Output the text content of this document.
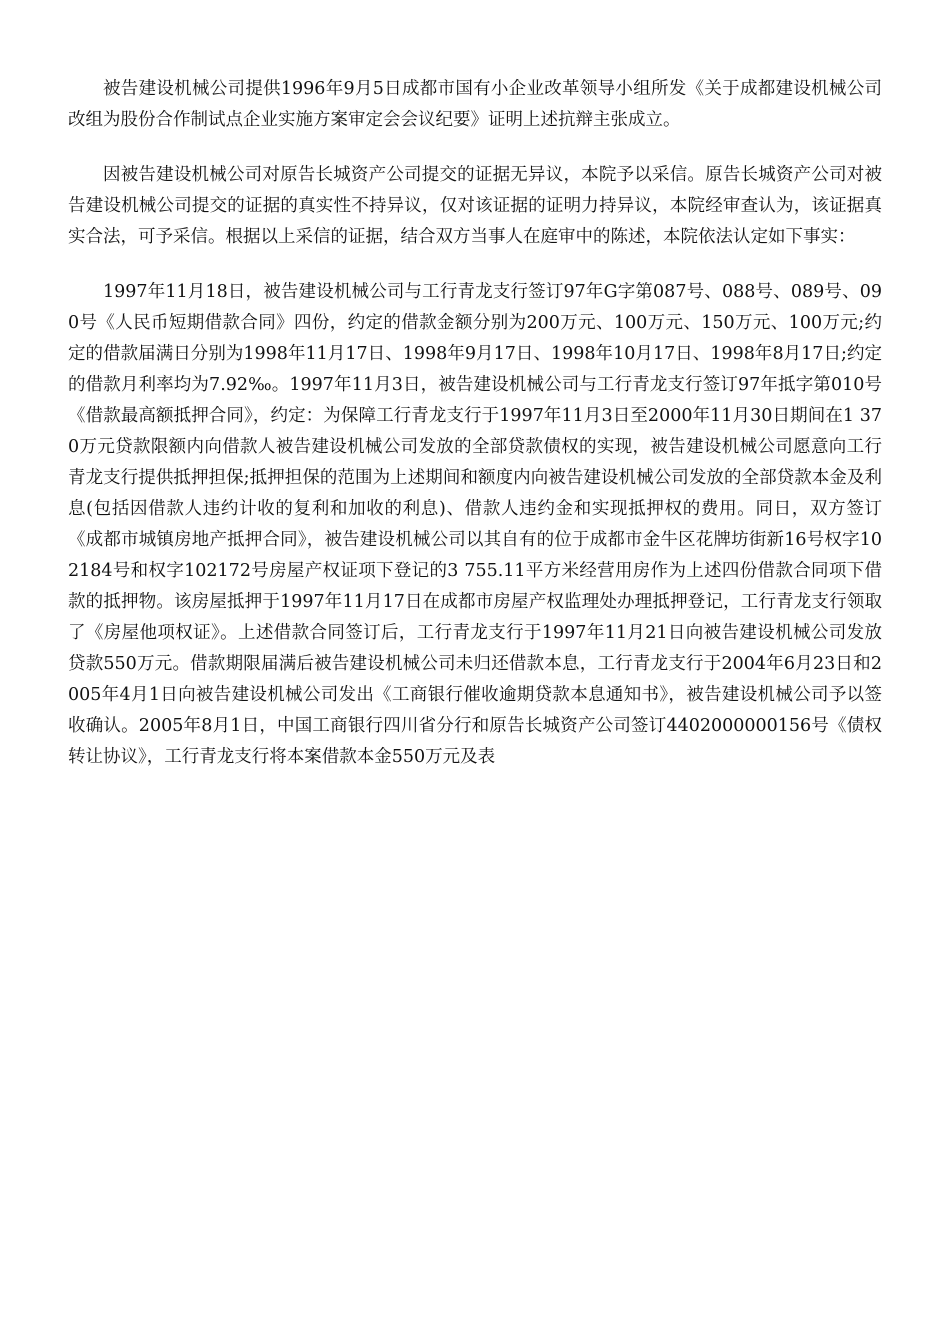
被告建设机械公司提供1996年9月5日成都市国有小企业改革领导小组所发《关于成都建设机械公司改组为股份合作制试点企业实施方案审定会会议纪要》证明上述抗辩主张成立。

因被告建设机械公司对原告长城资产公司提交的证据无异议，本院予以采信。原告长城资产公司对被告建设机械公司提交的证据的真实性不持异议，仅对该证据的证明力持异议，本院经审查认为，该证据真实合法，可予采信。根据以上采信的证据，结合双方当事人在庭审中的陈述，本院依法认定如下事实：

1997年11月18日，被告建设机械公司与工行青龙支行签订97年G字第087号、088号、089号、090号《人民币短期借款合同》四份，约定的借款金额分别为200万元、100万元、150万元、100万元;约定的借款届满日分别为1998年11月17日、1998年9月17日、1998年10月17日、1998年8月17日;约定的借款月利率均为7.92‰。1997年11月3日，被告建设机械公司与工行青龙支行签订97年抵字第010号《借款最高额抵押合同》，约定：为保障工行青龙支行于1997年11月3日至2000年11月30日期间在1 370万元贷款限额内向借款人被告建设机械公司发放的全部贷款债权的实现，被告建设机械公司愿意向工行青龙支行提供抵押担保;抵押担保的范围为上述期间和额度内向被告建设机械公司发放的全部贷款本金及利息(包括因借款人违约计收的复利和加收的利息)、借款人违约金和实现抵押权的费用。同日，双方签订《成都市城镇房地产抵押合同》，被告建设机械公司以其自有的位于成都市金牛区花牌坊街新16号权字102184号和权字102172号房屋产权证项下登记的3 755.11平方米经营用房作为上述四份借款合同项下借款的抵押物。该房屋抵押于1997年11月17日在成都市房屋产权监理处办理抵押登记，工行青龙支行领取了《房屋他项权证》。上述借款合同签订后，工行青龙支行于1997年11月21日向被告建设机械公司发放贷款550万元。借款期限届满后被告建设机械公司未归还借款本息，工行青龙支行于2004年6月23日和2005年4月1日向被告建设机械公司发出《工商银行催收逾期贷款本息通知书》，被告建设机械公司予以签收确认。2005年8月1日，中国工商银行四川省分行和原告长城资产公司签订4402000000156号《债权转让协议》，工行青龙支行将本案借款本金550万元及表
